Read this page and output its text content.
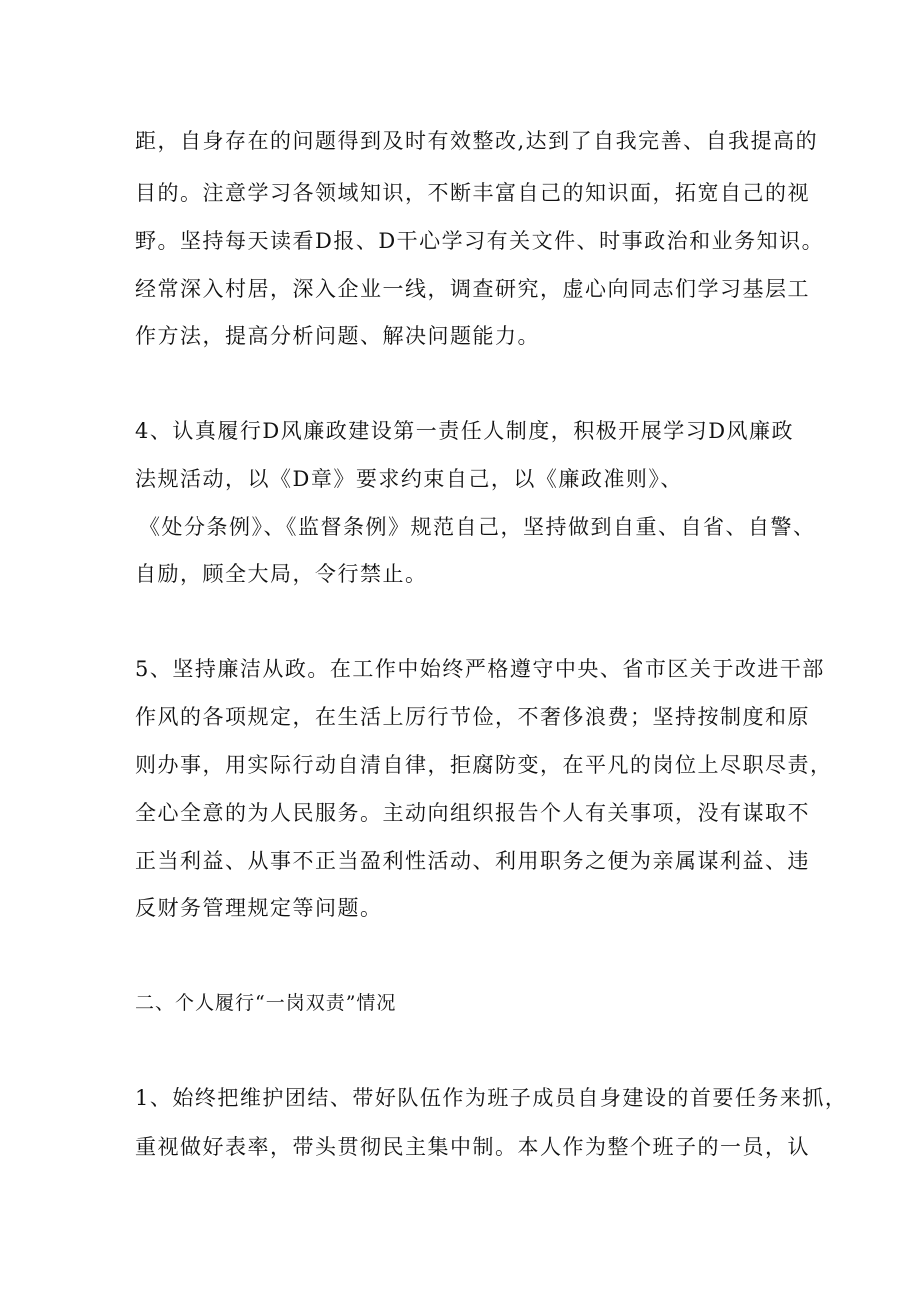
距，自身存在的问题得到及时有效整改,达到了自我完善、自我提高的
目的。注意学习各领域知识，不断丰富自己的知识面，拓宽自己的视
野。坚持每天读看D报、D干心学习有关文件、时事政治和业务知识。
经常深入村居，深入企业一线，调查研究，虚心向同志们学习基层工
作方法，提高分析问题、解决问题能力。
4、认真履行D风廉政建设第一责任人制度，积极开展学习D风廉政
法规活动，以《D章》要求约束自己，以《廉政准则》、
《处分条例》、《监督条例》规范自己，坚持做到自重、自省、自警、
自励，顾全大局，令行禁止。
5、坚持廉洁从政。在工作中始终严格遵守中央、省市区关于改进干部
作风的各项规定，在生活上厉行节俭，不奢侈浪费；坚持按制度和原
则办事，用实际行动自清自律，拒腐防变，在平凡的岗位上尽职尽责，
全心全意的为人民服务。主动向组织报告个人有关事项，没有谋取不
正当利益、从事不正当盈利性活动、利用职务之便为亲属谋利益、违
反财务管理规定等问题。
二、个人履行“一岗双责”情况
1、始终把维护团结、带好队伍作为班子成员自身建设的首要任务来抓，
重视做好表率，带头贯彻民主集中制。本人作为整个班子的一员，认
